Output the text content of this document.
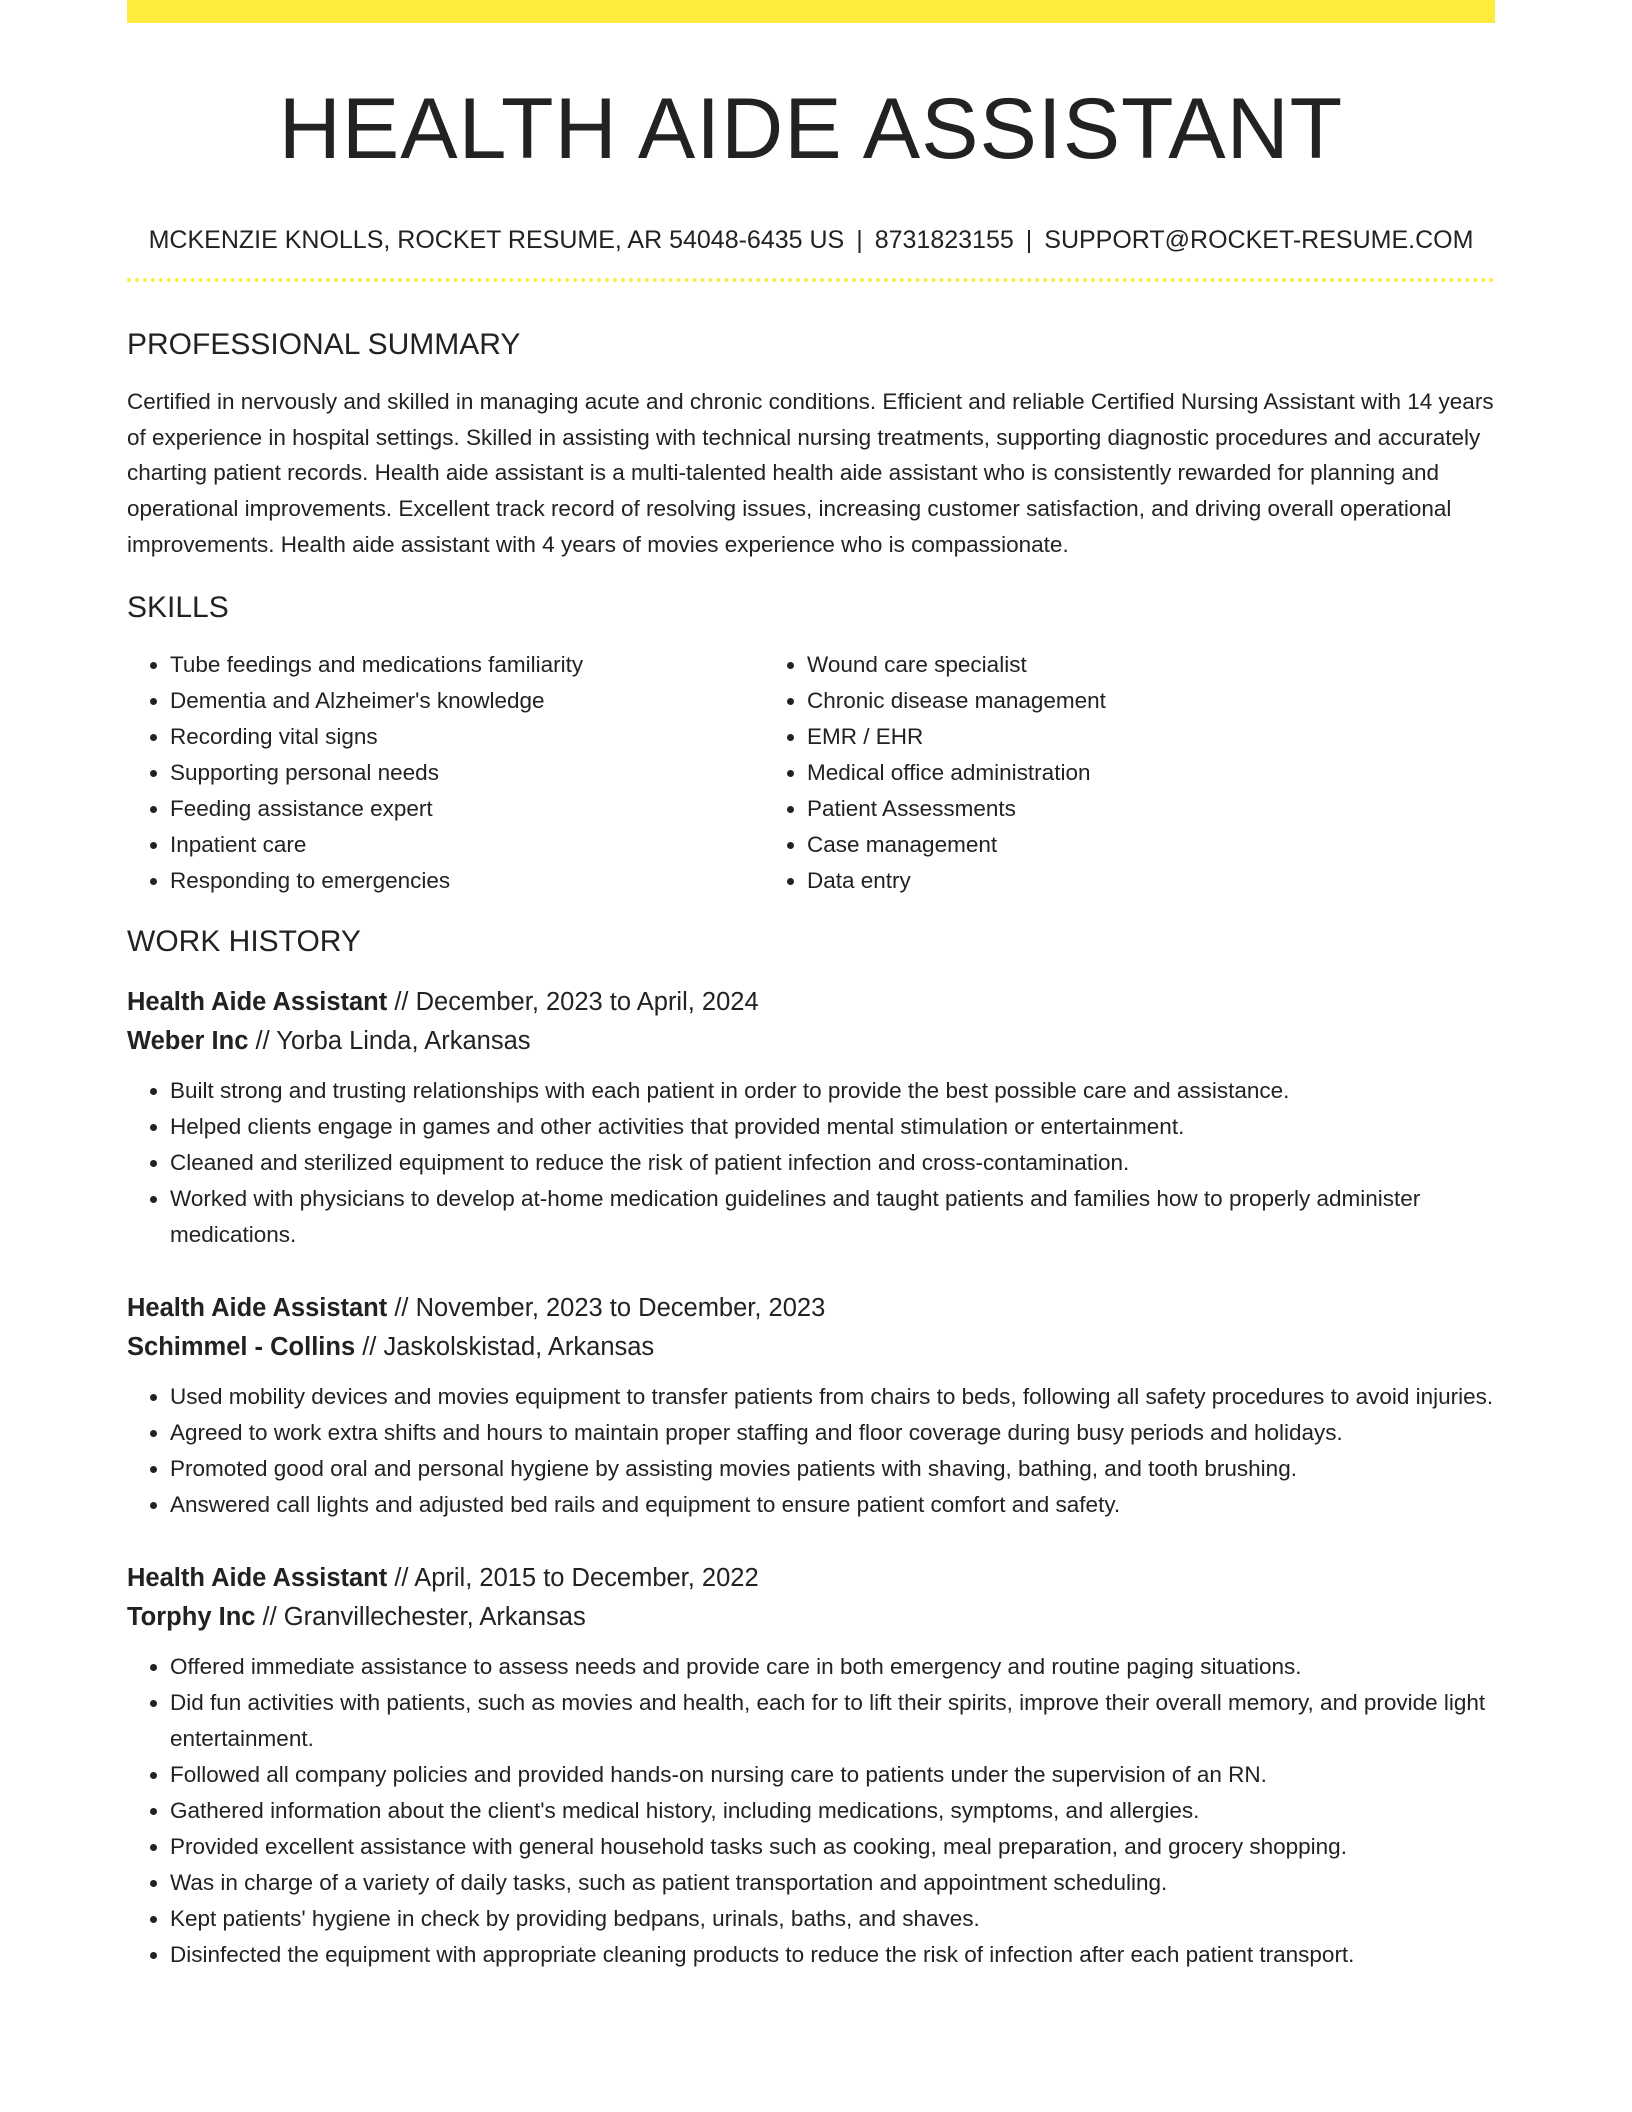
HEALTH AIDE ASSISTANT
MCKENZIE KNOLLS, ROCKET RESUME, AR 54048-6435 US | 8731823155 | SUPPORT@ROCKET-RESUME.COM
PROFESSIONAL SUMMARY

Certified in nervously and skilled in managing acute and chronic conditions. Efficient and reliable Certified Nursing Assistant with 14 years of experience in hospital settings. Skilled in assisting with technical nursing treatments, supporting diagnostic procedures and accurately charting patient records. Health aide assistant is a multi-talented health aide assistant who is consistently rewarded for planning and operational improvements. Excellent track record of resolving issues, increasing customer satisfaction, and driving overall operational improvements. Health aide assistant with 4 years of movies experience who is compassionate.

SKILLS
• Tube feedings and medications familiarity
• Dementia and Alzheimer's knowledge
• Recording vital signs
• Supporting personal needs
• Feeding assistance expert
• Inpatient care
• Responding to emergencies
• Wound care specialist
• Chronic disease management
• EMR / EHR
• Medical office administration
• Patient Assessments
• Case management
• Data entry
WORK HISTORY
Health Aide Assistant // December, 2023 to April, 2024
Weber Inc // Yorba Linda, Arkansas
• Built strong and trusting relationships with each patient in order to provide the best possible care and assistance.
• Helped clients engage in games and other activities that provided mental stimulation or entertainment.
• Cleaned and sterilized equipment to reduce the risk of patient infection and cross-contamination.
• Worked with physicians to develop at-home medication guidelines and taught patients and families how to properly administer medications.
Health Aide Assistant // November, 2023 to December, 2023
Schimmel - Collins // Jaskolskistad, Arkansas
• Used mobility devices and movies equipment to transfer patients from chairs to beds, following all safety procedures to avoid injuries.
• Agreed to work extra shifts and hours to maintain proper staffing and floor coverage during busy periods and holidays.
• Promoted good oral and personal hygiene by assisting movies patients with shaving, bathing, and tooth brushing.
• Answered call lights and adjusted bed rails and equipment to ensure patient comfort and safety.
Health Aide Assistant // April, 2015 to December, 2022
Torphy Inc // Granvillechester, Arkansas
• Offered immediate assistance to assess needs and provide care in both emergency and routine paging situations.
• Did fun activities with patients, such as movies and health, each for to lift their spirits, improve their overall memory, and provide light entertainment.
• Followed all company policies and provided hands-on nursing care to patients under the supervision of an RN.
• Gathered information about the client's medical history, including medications, symptoms, and allergies.
• Provided excellent assistance with general household tasks such as cooking, meal preparation, and grocery shopping.
• Was in charge of a variety of daily tasks, such as patient transportation and appointment scheduling.
• Kept patients' hygiene in check by providing bedpans, urinals, baths, and shaves.
• Disinfected the equipment with appropriate cleaning products to reduce the risk of infection after each patient transport.
